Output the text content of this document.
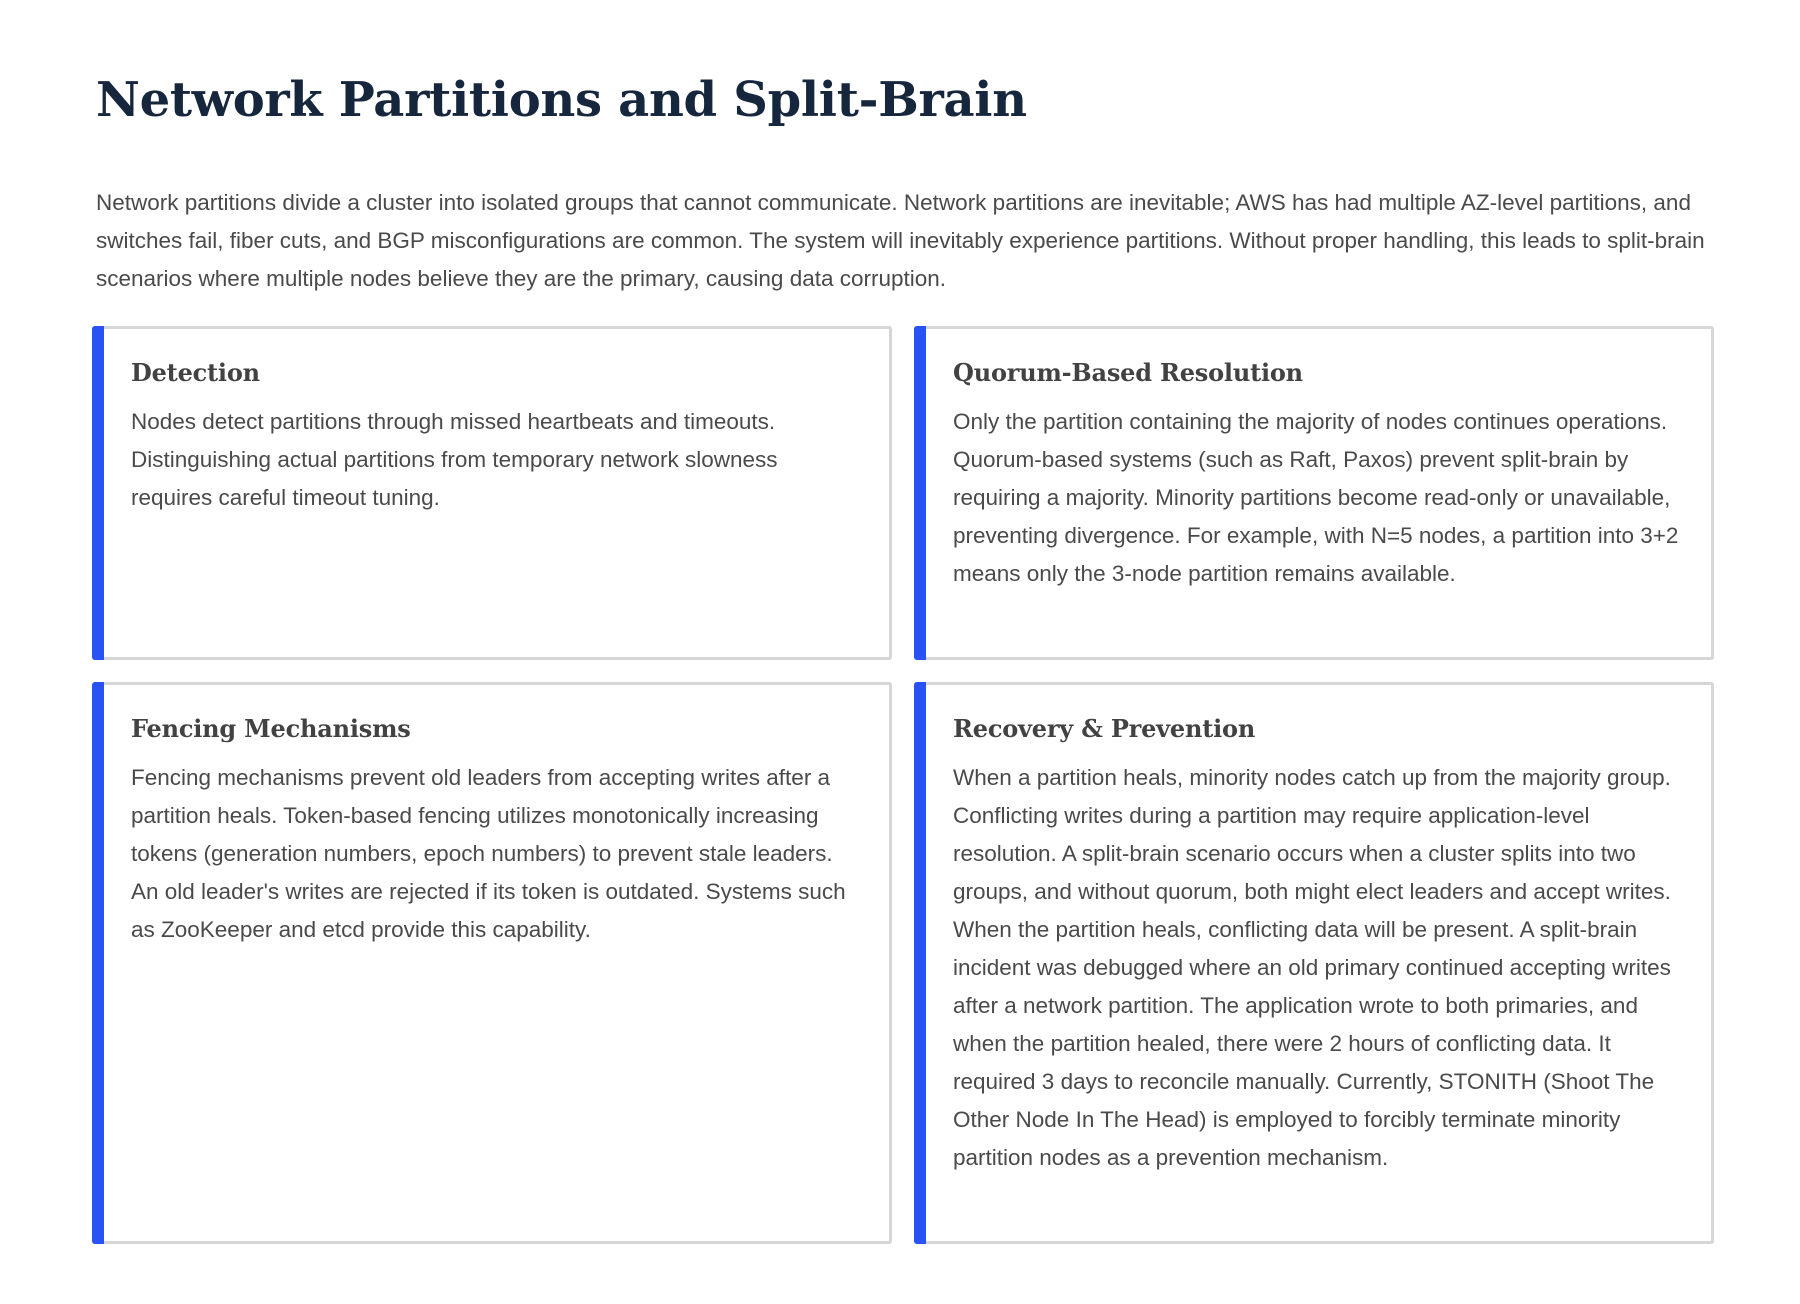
Network Partitions and Split-Brain

Network partitions divide a cluster into isolated groups that cannot communicate. Network partitions are inevitable; AWS has had multiple AZ-level partitions, and switches fail, fiber cuts, and BGP misconfigurations are common. The system will inevitably experience partitions. Without proper handling, this leads to split-brain scenarios where multiple nodes believe they are the primary, causing data corruption.

Detection

Nodes detect partitions through missed heartbeats and timeouts. Distinguishing actual partitions from temporary network slowness requires careful timeout tuning.

Quorum-Based Resolution

Only the partition containing the majority of nodes continues operations. Quorum-based systems (such as Raft, Paxos) prevent split-brain by requiring a majority. Minority partitions become read-only or unavailable, preventing divergence. For example, with N=5 nodes, a partition into 3+2 means only the 3-node partition remains available.

Fencing Mechanisms

Fencing mechanisms prevent old leaders from accepting writes after a partition heals. Token-based fencing utilizes monotonically increasing tokens (generation numbers, epoch numbers) to prevent stale leaders. An old leader's writes are rejected if its token is outdated. Systems such as ZooKeeper and etcd provide this capability.

Recovery & Prevention

When a partition heals, minority nodes catch up from the majority group. Conflicting writes during a partition may require application-level resolution. A split-brain scenario occurs when a cluster splits into two groups, and without quorum, both might elect leaders and accept writes. When the partition heals, conflicting data will be present. A split-brain incident was debugged where an old primary continued accepting writes after a network partition. The application wrote to both primaries, and when the partition healed, there were 2 hours of conflicting data. It required 3 days to reconcile manually. Currently, STONITH (Shoot The Other Node In The Head) is employed to forcibly terminate minority partition nodes as a prevention mechanism.
